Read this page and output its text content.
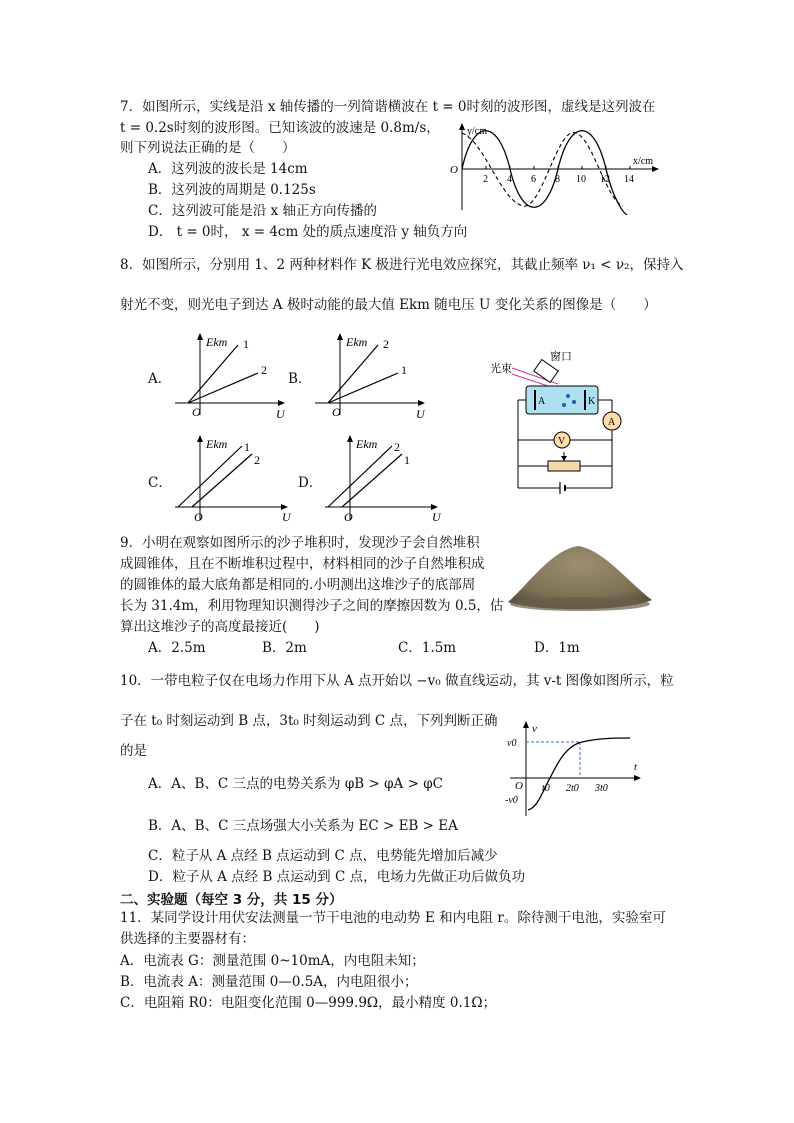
7．如图所示，实线是沿 x 轴传播的一列简谐横波在 t = 0时刻的波形图，虚线是这列波在
t = 0.2s时刻的波形图。已知该波的波速是 0.8m/s，
则下列说法正确的是（　　）
A．这列波的波长是 14cm
B．这列波的周期是 0.125s
C．这列波可能是沿 x 轴正方向传播的
D． t = 0时， x = 4cm 处的质点速度沿 y 轴负方向
y/cm
x/cm
O
2 4 6 8 10 12 14
8．如图所示，分别用 1、2 两种材料作 K 极进行光电效应探究，其截止频率 ν₁ < ν₂，保持入
射光不变，则光电子到达 A 极时动能的最大值 Ekm 随电压 U 变化关系的图像是（　　）
A．	B．
C．	D．
Ekm
U
O
1
2
Ekm
U
O
2
1
Ekm
U
O
1
2
Ekm
U
O
2
1
窗口
光束
A	K
A
V
9．小明在观察如图所示的沙子堆积时，发现沙子会自然堆积
成圆锥体，且在不断堆积过程中，材料相同的沙子自然堆积成
的圆锥体的最大底角都是相同的.小明测出这堆沙子的底部周
长为 31.4m，利用物理知识测得沙子之间的摩擦因数为 0.5，估
算出这堆沙子的高度最接近(　　)
A．2.5m	B．2m	C．1.5m	D．1m
10．一带电粒子仅在电场力作用下从 A 点开始以 −v₀ 做直线运动，其 v-t 图像如图所示，粒
子在 t₀ 时刻运动到 B 点，3t₀ 时刻运动到 C 点，下列判断正确
的是
A．A、B、C 三点的电势关系为 φB > φA > φC
B．A、B、C 三点场强大小关系为 EC > EB > EA
C．粒子从 A 点经 B 点运动到 C 点，电势能先增加后减少
D．粒子从 A 点经 B 点运动到 C 点，电场力先做正功后做负功
v
t
v0
-v0
O t0 2t0 3t0
二、实验题（每空 3 分，共 15 分）
11．某同学设计用伏安法测量一节干电池的电动势 E 和内电阻 r。除待测干电池，实验室可
供选择的主要器材有：
A．电流表 G：测量范围 0~10mA，内电阻未知；
B．电流表 A：测量范围 0—0.5A，内电阻很小；
C．电阻箱 R0：电阻变化范围 0—999.9Ω，最小精度 0.1Ω；
